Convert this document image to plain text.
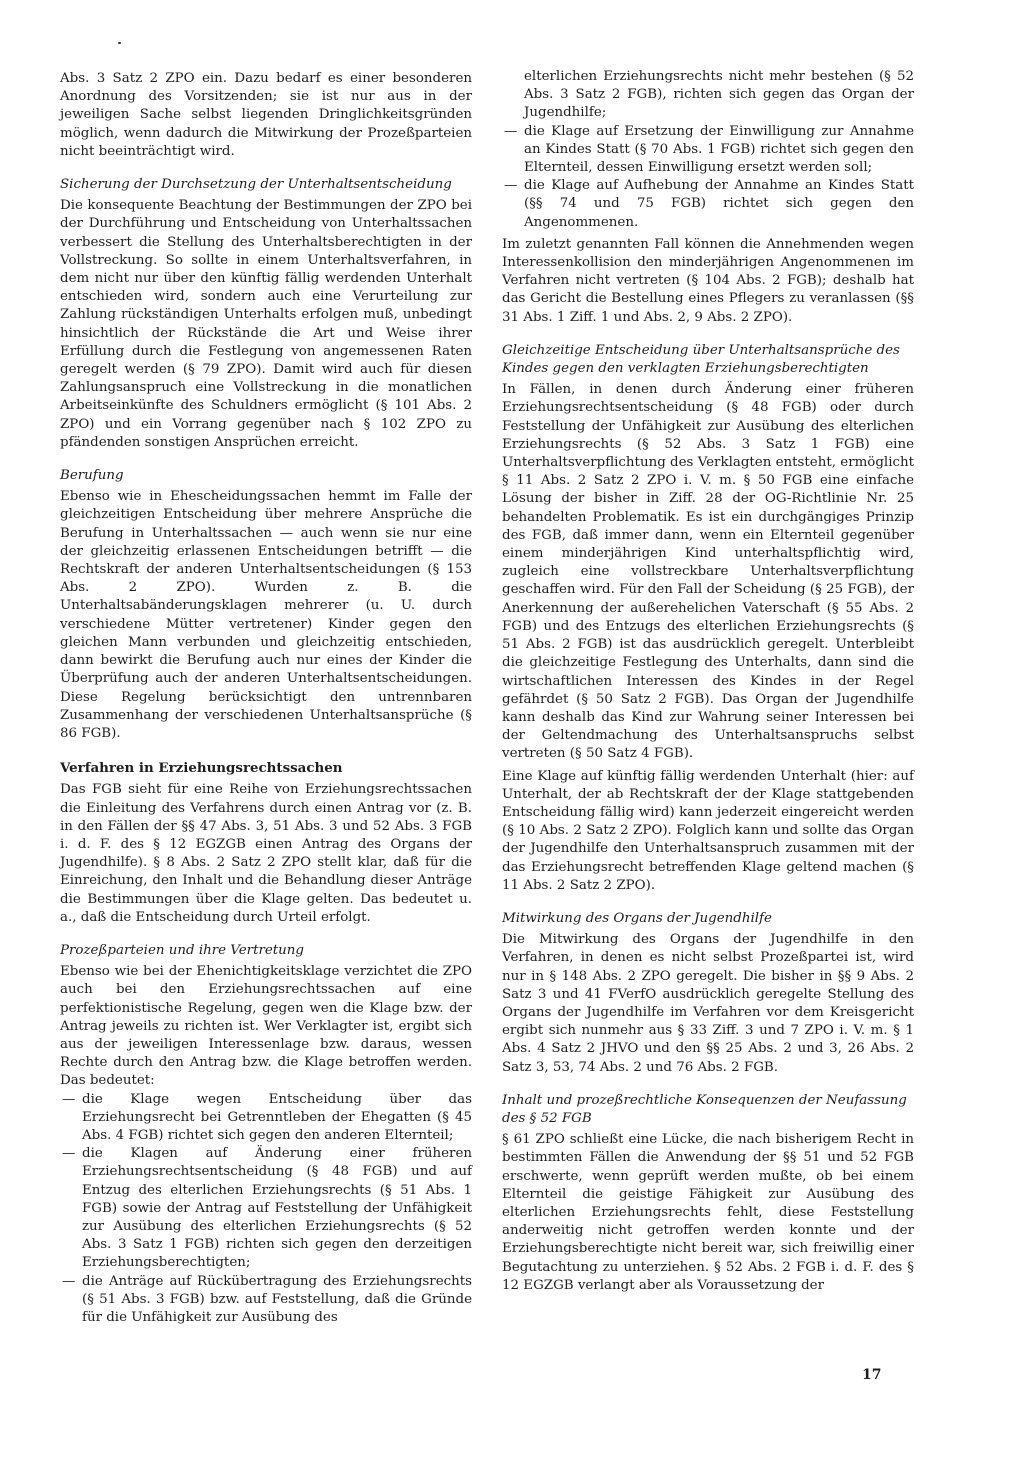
Abs. 3 Satz 2 ZPO ein. Dazu bedarf es einer besonderen Anordnung des Vorsitzenden; sie ist nur aus in der jeweiligen Sache selbst liegenden Dringlichkeitsgründen möglich, wenn dadurch die Mitwirkung der Prozeßparteien nicht beeinträchtigt wird.

Sicherung der Durchsetzung der Unterhaltsentscheidung

Die konsequente Beachtung der Bestimmungen der ZPO bei der Durchführung und Entscheidung von Unterhaltssachen verbessert die Stellung des Unterhaltsberechtigten in der Vollstreckung. So sollte in einem Unterhaltsverfahren, in dem nicht nur über den künftig fällig werdenden Unterhalt entschieden wird, sondern auch eine Verurteilung zur Zahlung rückständigen Unterhalts erfolgen muß, unbedingt hinsichtlich der Rückstände die Art und Weise ihrer Erfüllung durch die Festlegung von angemessenen Raten geregelt werden (§ 79 ZPO). Damit wird auch für diesen Zahlungsanspruch eine Vollstreckung in die monatlichen Arbeitseinkünfte des Schuldners ermöglicht (§ 101 Abs. 2 ZPO) und ein Vorrang gegenüber nach § 102 ZPO zu pfändenden sonstigen Ansprüchen erreicht.

Berufung

Ebenso wie in Ehescheidungssachen hemmt im Falle der gleichzeitigen Entscheidung über mehrere Ansprüche die Berufung in Unterhaltssachen — auch wenn sie nur eine der gleichzeitig erlassenen Entscheidungen betrifft — die Rechtskraft der anderen Unterhaltsentscheidungen (§ 153 Abs. 2 ZPO). Wurden z. B. die Unterhaltsabänderungsklagen mehrerer (u. U. durch verschiedene Mütter vertretener) Kinder gegen den gleichen Mann verbunden und gleichzeitig entschieden, dann bewirkt die Berufung auch nur eines der Kinder die Überprüfung auch der anderen Unterhaltsentscheidungen. Diese Regelung berücksichtigt den untrennbaren Zusammenhang der verschiedenen Unterhaltsansprüche (§ 86 FGB).

Verfahren in Erziehungsrechtssachen

Das FGB sieht für eine Reihe von Erziehungsrechtssachen die Einleitung des Verfahrens durch einen Antrag vor (z. B. in den Fällen der §§ 47 Abs. 3, 51 Abs. 3 und 52 Abs. 3 FGB i. d. F. des § 12 EGZGB einen Antrag des Organs der Jugendhilfe). § 8 Abs. 2 Satz 2 ZPO stellt klar, daß für die Einreichung, den Inhalt und die Behandlung dieser Anträge die Bestimmungen über die Klage gelten. Das bedeutet u. a., daß die Entscheidung durch Urteil erfolgt.

Prozeßparteien und ihre Vertretung

Ebenso wie bei der Ehenichtigkeitsklage verzichtet die ZPO auch bei den Erziehungsrechtssachen auf eine perfektionistische Regelung, gegen wen die Klage bzw. der Antrag jeweils zu richten ist. Wer Verklagter ist, ergibt sich aus der jeweiligen Interessenlage bzw. daraus, wessen Rechte durch den Antrag bzw. die Klage betroffen werden. Das bedeutet:

— die Klage wegen Entscheidung über das Erziehungsrecht bei Getrenntleben der Ehegatten (§ 45 Abs. 4 FGB) richtet sich gegen den anderen Elternteil;

— die Klagen auf Änderung einer früheren Erziehungsrechtsentscheidung (§ 48 FGB) und auf Entzug des elterlichen Erziehungsrechts (§ 51 Abs. 1 FGB) sowie der Antrag auf Feststellung der Unfähigkeit zur Ausübung des elterlichen Erziehungsrechts (§ 52 Abs. 3 Satz 1 FGB) richten sich gegen den derzeitigen Erziehungsberechtigten;

— die Anträge auf Rückübertragung des Erziehungsrechts (§ 51 Abs. 3 FGB) bzw. auf Feststellung, daß die Gründe für die Unfähigkeit zur Ausübung des

elterlichen Erziehungsrechts nicht mehr bestehen (§ 52 Abs. 3 Satz 2 FGB), richten sich gegen das Organ der Jugendhilfe;

— die Klage auf Ersetzung der Einwilligung zur Annahme an Kindes Statt (§ 70 Abs. 1 FGB) richtet sich gegen den Elternteil, dessen Einwilligung ersetzt werden soll;

— die Klage auf Aufhebung der Annahme an Kindes Statt (§§ 74 und 75 FGB) richtet sich gegen den Angenommenen.

Im zuletzt genannten Fall können die Annehmenden wegen Interessenkollision den minderjährigen Angenommenen im Verfahren nicht vertreten (§ 104 Abs. 2 FGB); deshalb hat das Gericht die Bestellung eines Pflegers zu veranlassen (§§ 31 Abs. 1 Ziff. 1 und Abs. 2, 9 Abs. 2 ZPO).

Gleichzeitige Entscheidung über Unterhaltsansprüche des Kindes gegen den verklagten Erziehungsberechtigten

In Fällen, in denen durch Änderung einer früheren Erziehungsrechtsentscheidung (§ 48 FGB) oder durch Feststellung der Unfähigkeit zur Ausübung des elterlichen Erziehungsrechts (§ 52 Abs. 3 Satz 1 FGB) eine Unterhaltsverpflichtung des Verklagten entsteht, ermöglicht § 11 Abs. 2 Satz 2 ZPO i. V. m. § 50 FGB eine einfache Lösung der bisher in Ziff. 28 der OG-Richtlinie Nr. 25 behandelten Problematik. Es ist ein durchgängiges Prinzip des FGB, daß immer dann, wenn ein Elternteil gegenüber einem minderjährigen Kind unterhaltspflichtig wird, zugleich eine vollstreckbare Unterhaltsverpflichtung geschaffen wird. Für den Fall der Scheidung (§ 25 FGB), der Anerkennung der außerehelichen Vaterschaft (§ 55 Abs. 2 FGB) und des Entzugs des elterlichen Erziehungsrechts (§ 51 Abs. 2 FGB) ist das ausdrücklich geregelt. Unterbleibt die gleichzeitige Festlegung des Unterhalts, dann sind die wirtschaftlichen Interessen des Kindes in der Regel gefährdet (§ 50 Satz 2 FGB). Das Organ der Jugendhilfe kann deshalb das Kind zur Wahrung seiner Interessen bei der Geltendmachung des Unterhaltsanspruchs selbst vertreten (§ 50 Satz 4 FGB).

Eine Klage auf künftig fällig werdenden Unterhalt (hier: auf Unterhalt, der ab Rechtskraft der der Klage stattgebenden Entscheidung fällig wird) kann jederzeit eingereicht werden (§ 10 Abs. 2 Satz 2 ZPO). Folglich kann und sollte das Organ der Jugendhilfe den Unterhaltsanspruch zusammen mit der das Erziehungsrecht betreffenden Klage geltend machen (§ 11 Abs. 2 Satz 2 ZPO).

Mitwirkung des Organs der Jugendhilfe

Die Mitwirkung des Organs der Jugendhilfe in den Verfahren, in denen es nicht selbst Prozeßpartei ist, wird nur in § 148 Abs. 2 ZPO geregelt. Die bisher in §§ 9 Abs. 2 Satz 3 und 41 FVerfO ausdrücklich geregelte Stellung des Organs der Jugendhilfe im Verfahren vor dem Kreisgericht ergibt sich nunmehr aus § 33 Ziff. 3 und 7 ZPO i. V. m. § 1 Abs. 4 Satz 2 JHVO und den §§ 25 Abs. 2 und 3, 26 Abs. 2 Satz 3, 53, 74 Abs. 2 und 76 Abs. 2 FGB.

Inhalt und prozeßrechtliche Konsequenzen der Neufassung des § 52 FGB

§ 61 ZPO schließt eine Lücke, die nach bisherigem Recht in bestimmten Fällen die Anwendung der §§ 51 und 52 FGB erschwerte, wenn geprüft werden mußte, ob bei einem Elternteil die geistige Fähigkeit zur Ausübung des elterlichen Erziehungsrechts fehlt, diese Feststellung anderweitig nicht getroffen werden konnte und der Erziehungsberechtigte nicht bereit war, sich freiwillig einer Begutachtung zu unterziehen. § 52 Abs. 2 FGB i. d. F. des § 12 EGZGB verlangt aber als Voraussetzung der

17
